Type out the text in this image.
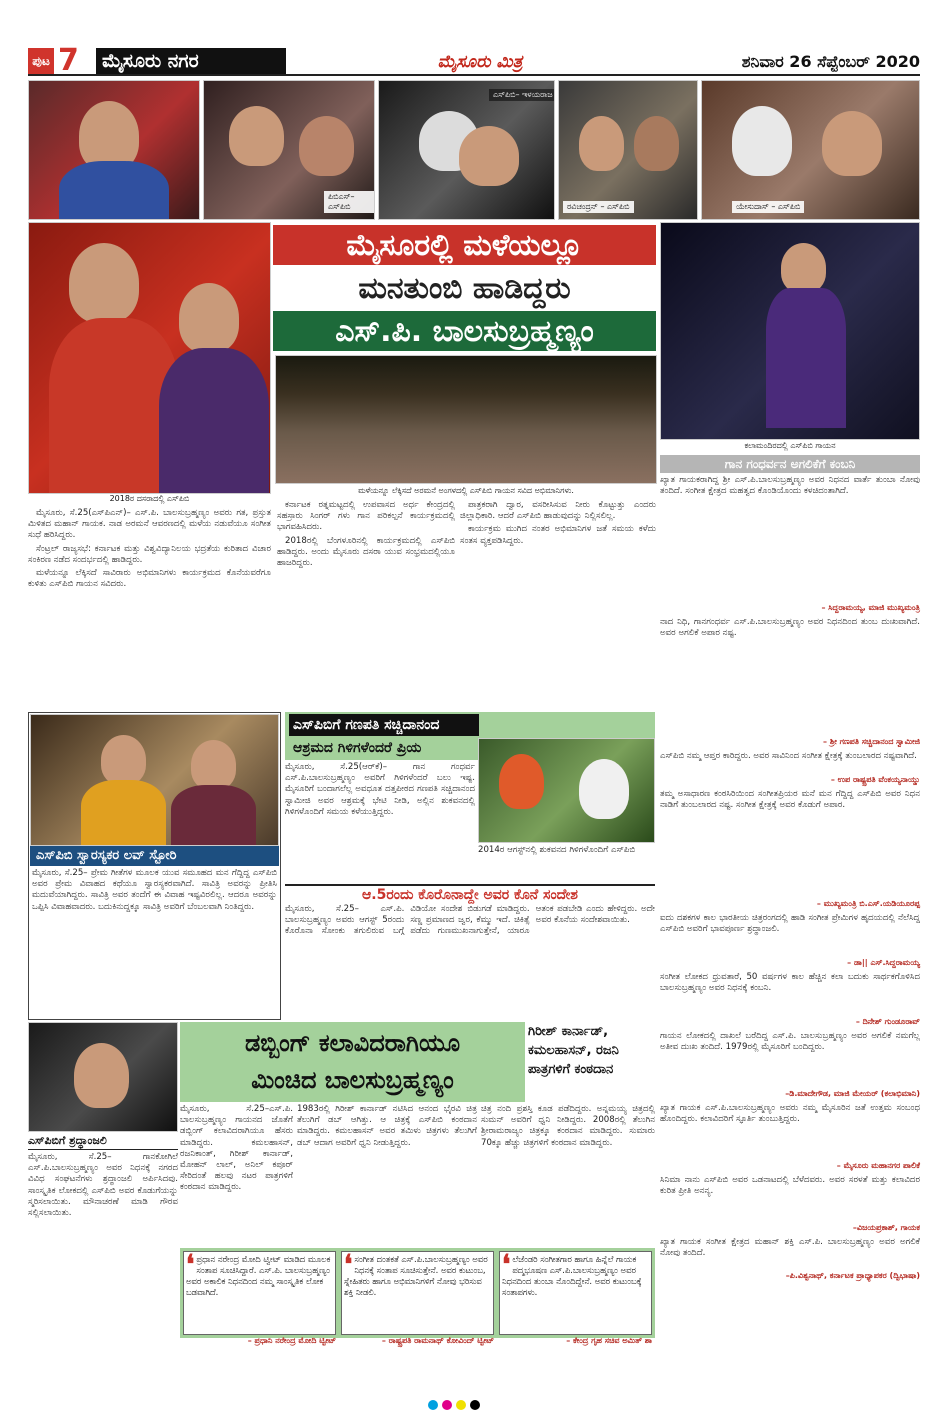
ಪುಟ 7	ಮೈಸೂರು ನಗರ	ಮೈಸೂರು ಮಿತ್ರ	ಶನಿವಾರ 26 ಸೆಪ್ಟೆಂಬರ್ 2020
ಪಿಬಿಎಸ್‌– ಎಸ್‌ಪಿಬಿ
ಎಸ್‌ಪಿಬಿ– ಇಳಯರಾಜ
ರವಿಚಂದ್ರನ್‌ – ಎಸ್‌ಪಿಬಿ	ಯೇಸುದಾಸ್‌ – ಎಸ್‌ಪಿಬಿ
2018ರ ದಸರಾದಲ್ಲಿ ಎಸ್‌ಪಿಬಿ
ಮೈಸೂರಲ್ಲಿ ಮಳೆಯಲ್ಲೂ
ಮನತುಂಬಿ ಹಾಡಿದ್ದರು
ಎಸ್‌.ಪಿ. ಬಾಲಸುಬ್ರಹ್ಮಣ್ಯಂ
ಮಳೆಯನ್ನೂ ಲೆಕ್ಕಿಸದೆ ಅರಮನೆ ಅಂಗಳದಲ್ಲಿ ಎಸ್‌ಪಿಬಿ ಗಾಯನ ಸವಿದ ಅಭಿಮಾನಿಗಳು.
ಕಲಾಮಂದಿರದಲ್ಲಿ ಎಸ್‌ಪಿಬಿ ಗಾಯನ
ಗಾನ ಗಂಧರ್ವನ ಅಗಲಿಕೆಗೆ ಕಂಬನಿ
ಖ್ಯಾತ ಗಾಯಕರಾಗಿದ್ದ ಶ್ರೀ ಎಸ್‌.ಪಿ.ಬಾಲಸುಬ್ರಹ್ಮಣ್ಯಂ ಅವರ ನಿಧನದ ವಾರ್ತೆ ತುಂಬಾ ನೋವು ತಂದಿದೆ. ಸಂಗೀತ ಕ್ಷೇತ್ರದ ಮಹತ್ವದ ಕೊಂಡಿಯೊಂದು ಕಳಚಿದಂತಾಗಿದೆ.
– ಸಿದ್ದರಾಮಯ್ಯ, ಮಾಜಿ ಮುಖ್ಯಮಂತ್ರಿ
ನಾದ ನಿಧಿ, ಗಾನಗಂಧರ್ವ ಎಸ್‌.ಪಿ.ಬಾಲಸುಬ್ರಹ್ಮಣ್ಯಂ ಅವರ ನಿಧನದಿಂದ ತುಂಬ ದುಃಖವಾಗಿದೆ. ಅವರ ಅಗಲಿಕೆ ಅಪಾರ ನಷ್ಟ.
– ಶ್ರೀ ಗಣಪತಿ ಸಚ್ಚಿದಾನಂದ ಸ್ವಾಮೀಜಿ
ಎಸ್‌ಪಿಬಿ ನಮ್ಮ ಆಪ್ತರ ಕಾರಿದ್ದರು. ಅವರ ಸಾವಿನಿಂದ ಸಂಗೀತ ಕ್ಷೇತ್ರಕ್ಕೆ ತುಂಬಲಾರದ ನಷ್ಟವಾಗಿದೆ.
– ಉಪ ರಾಷ್ಟ್ರಪತಿ ವೆಂಕಯ್ಯನಾಯ್ಡು
ತಮ್ಮ ಅಸಾಧಾರಣ ಕಂಠಸಿರಿಯಿಂದ ಸಂಗೀತಪ್ರಿಯರ ಮನೆ ಮನ ಗೆದ್ದಿದ್ದ ಎಸ್‌ಪಿಬಿ ಅವರ ನಿಧನ ನಾಡಿಗೆ ತುಂಬಲಾರದ ನಷ್ಟ. ಸಂಗೀತ ಕ್ಷೇತ್ರಕ್ಕೆ ಅವರ ಕೊಡುಗೆ ಅಪಾರ.
– ಮುಖ್ಯಮಂತ್ರಿ ಬಿ.ಎಸ್‌.ಯಡಿಯೂರಪ್ಪ
ಐದು ದಶಕಗಳ ಕಾಲ ಭಾರತೀಯ ಚಿತ್ರರಂಗದಲ್ಲಿ ಹಾಡಿ ಸಂಗೀತ ಪ್ರೇಮಿಗಳ ಹೃದಯದಲ್ಲಿ ನೆಲೆಸಿದ್ದ ಎಸ್‌ಪಿಬಿ ಅವರಿಗೆ ಭಾವಪೂರ್ಣ ಶ್ರದ್ಧಾಂಜಲಿ.
– ಡಾ|| ಎಸ್‌.ಸಿದ್ದರಾಮಯ್ಯ
ಸಂಗೀತ ಲೋಕದ ಧ್ರುವತಾರೆ, 50 ವರ್ಷಗಳ ಕಾಲ ಹೆಚ್ಚಿನ ಕಲಾ ಬದುಕು ಸಾರ್ಥಕಗೊಳಿಸಿದ ಬಾಲಸುಬ್ರಹ್ಮಣ್ಯಂ ಅವರ ನಿಧನಕ್ಕೆ ಕಂಬನಿ.
– ದಿನೇಶ್ ಗುಂಡೂರಾವ್
ಗಾಯನ ಲೋಕದಲ್ಲಿ ದಾಖಲೆ ಬರೆದಿದ್ದ ಎಸ್‌.ಪಿ. ಬಾಲಸುಬ್ರಹ್ಮಣ್ಯಂ ಅವರ ಅಗಲಿಕೆ ನಮಗೆಲ್ಲ ಅತೀವ ದುಃಖ ತಂದಿದೆ. 1979ರಲ್ಲಿ ಮೈಸೂರಿಗೆ ಬಂದಿದ್ದರು.
–ಡಿ.ಮಾದೇಗೌಡ, ಮಾಜಿ ಮೇಯರ್‌ (ಕಲಾಭಿಮಾನಿ)
ಖ್ಯಾತ ಗಾಯಕ ಎಸ್‌.ಪಿ.ಬಾಲಸುಬ್ರಹ್ಮಣ್ಯಂ ಅವರು ನಮ್ಮ ಮೈಸೂರಿನ ಜತೆ ಉತ್ತಮ ಸಂಬಂಧ ಹೊಂದಿದ್ದರು. ಕಲಾವಿದರಿಗೆ ಸ್ಫೂರ್ತಿ ತುಂಬುತ್ತಿದ್ದರು.
– ಮೈಸೂರು ಮಹಾನಗರ ಪಾಲಿಕೆ
ಸಿನಿಮಾ ನಾನು ಎಸ್‌ಪಿಬಿ ಅವರ ಒಡನಾಟದಲ್ಲಿ ಬೆಳೆದವರು. ಅವರ ಸರಳತೆ ಮತ್ತು ಕಲಾವಿದರ ಕುರಿತ ಪ್ರೀತಿ ಅನನ್ಯ.
–ವಿಜಯಪ್ರಕಾಶ್, ಗಾಯಕ
ಖ್ಯಾತ ಗಾಯಕ ಸಂಗೀತ ಕ್ಷೇತ್ರದ ಮಹಾನ್ ಶಕ್ತಿ ಎಸ್‌.ಪಿ. ಬಾಲಸುಬ್ರಹ್ಮಣ್ಯಂ ಅವರ ಅಗಲಿಕೆ ನೋವು ತಂದಿದೆ.
–ಪಿ.ವಿಶ್ವನಾಥ್‌, ಕರ್ನಾಟಕ ಪ್ರಾಧ್ಯಾಪಕರ (ದ್ವಿಭಾಷಾ)

ಮೈಸೂರು, ಸೆ.25(ಎಸ್‌ಪಿಎನ್‌)– ಎಸ್‌.ಪಿ. ಬಾಲಸುಬ್ರಹ್ಮಣ್ಯಂ ಅವರು ಗತ, ಪ್ರಸ್ತುತ ಮಿಳಿತದ ಮಹಾನ್ ಗಾಯಕ. ನಾಡ ಅರಮನೆ ಆವರಣದಲ್ಲಿ ಮಳೆಯ ನಡುವೆಯೂ ಸಂಗೀತ ಸುಧೆ ಹರಿಸಿದ್ದರು.

ಸೆಂಟ್ರಲ್‌ ರಾಜ್ಯಸಭೆ: ಕರ್ನಾಟಕ ಮತ್ತು ವಿಶ್ವವಿದ್ಯಾನಿಲಯ ಭದ್ರತೆಯ ಕುರಿತಾದ ವಿಚಾರ ಸಂಕಿರಣ ನಡೆದ ಸಂದರ್ಭದಲ್ಲಿ ಹಾಡಿದ್ದರು.

ಮಳೆಯನ್ನೂ ಲೆಕ್ಕಿಸದೆ ಸಾವಿರಾರು ಅಭಿಮಾನಿಗಳು ಕಾರ್ಯಕ್ರಮದ ಕೊನೆಯವರೆಗೂ ಕುಳಿತು ಎಸ್‌ಪಿಬಿ ಗಾಯನ ಸವಿದರು.

ಕರ್ನಾಟಕ ರತ್ನಮಟ್ಟದಲ್ಲಿ ಉಪವಾಸದ ಅರ್ಧ ಕೇಂದ್ರದಲ್ಲಿ ಸಹಸ್ರಾರು ಸಿಂಗರ್ ಗಳು ಗಾನ ಪರಿಕಲ್ಪನೆ ಕಾರ್ಯಕ್ರಮದಲ್ಲಿ ಭಾಗವಹಿಸಿದರು.

2018ರಲ್ಲಿ ಬೆಂಗಳೂರಿನಲ್ಲಿ ಕಾರ್ಯಕ್ರಮದಲ್ಲಿ ಎಸ್‌ಪಿಬಿ ಹಾಡಿದ್ದರು. ಅಂದು ಮೈಸೂರು ದಸರಾ ಯುವ ಸಂಭ್ರಮದಲ್ಲಿಯೂ ಹಾಜರಿದ್ದರು.

ಪಾತ್ರಕರಾಗಿ ದ್ವಾರ, ವಸರೀಸಿಸುವ ನೀರು ಕೊಟ್ಟುತ್ತು ಎಂದರು ಜಿಲ್ಲಾಧಿಕಾರಿ. ಆದರೆ ಎಸ್‌ಪಿಬಿ ಹಾಡುವುದನ್ನು ನಿಲ್ಲಿಸಲಿಲ್ಲ.

ಕಾರ್ಯಕ್ರಮ ಮುಗಿದ ನಂತರ ಅಭಿಮಾನಿಗಳ ಜತೆ ಸಮಯ ಕಳೆದು ಸಂತಸ ವ್ಯಕ್ತಪಡಿಸಿದ್ದರು.

ಎಸ್‌ಪಿಬಿ ಸ್ವಾರಸ್ಯಕರ ಲವ್‌ ಸ್ಟೋರಿ
ಮೈಸೂರು, ಸೆ.25– ಪ್ರೇಮ ಗೀತೆಗಳ ಮೂಲಕ ಯುವ ಸಮೂಹದ ಮನ ಗೆದ್ದಿದ್ದ ಎಸ್‌ಪಿಬಿ ಅವರ ಪ್ರೇಮ ವಿವಾಹದ ಕಥೆಯೂ ಸ್ವಾರಸ್ಯಕರವಾಗಿದೆ. ಸಾವಿತ್ರಿ ಅವರನ್ನು ಪ್ರೀತಿಸಿ ಮದುವೆಯಾಗಿದ್ದರು. ಸಾವಿತ್ರಿ ಅವರ ತಂದೆಗೆ ಈ ವಿವಾಹ ಇಷ್ಟವಿರಲಿಲ್ಲ. ಆದರೂ ಅವರನ್ನು ಒಪ್ಪಿಸಿ ವಿವಾಹವಾದರು. ಬದುಕಿನುದ್ದಕ್ಕೂ ಸಾವಿತ್ರಿ ಅವರಿಗೆ ಬೆಂಬಲವಾಗಿ ನಿಂತಿದ್ದರು.
ಎಸ್‌ಪಿಬಿಗೆ ಗಣಪತಿ ಸಚ್ಚಿದಾನಂದ
ಆಶ್ರಮದ ಗಿಳಿಗಳೆಂದರೆ ಪ್ರಿಯ
ಮೈಸೂರು, ಸೆ.25(ಆರ್‌ಕೆ)– ಗಾನ ಗಂಧರ್ವ ಎಸ್‌.ಪಿ.ಬಾಲಸುಬ್ರಹ್ಮಣ್ಯಂ ಅವರಿಗೆ ಗಿಳಿಗಳೆಂದರೆ ಬಲು ಇಷ್ಟ. ಮೈಸೂರಿಗೆ ಬಂದಾಗಲೆಲ್ಲ ಅವಧೂತ ದತ್ತಪೀಠದ ಗಣಪತಿ ಸಚ್ಚಿದಾನಂದ ಸ್ವಾಮೀಜಿ ಅವರ ಆಶ್ರಮಕ್ಕೆ ಭೇಟಿ ನೀಡಿ, ಅಲ್ಲಿನ ಶುಕವನದಲ್ಲಿ ಗಿಳಿಗಳೊಂದಿಗೆ ಸಮಯ ಕಳೆಯುತ್ತಿದ್ದರು.
2014ರ ಆಗಸ್ಟ್‌ನಲ್ಲಿ ಶುಕವನದ ಗಿಳಿಗಳೊಂದಿಗೆ ಎಸ್‌ಪಿಬಿ
ಆ.5ರಂದು ಕೊರೊನಾದ್ದೇ ಅವರ ಕೊನೆ ಸಂದೇಶ
ಮೈಸೂರು, ಸೆ.25– ಎಸ್‌.ಪಿ. ಬಾಲಸುಬ್ರಹ್ಮಣ್ಯಂ ಅವರು ಆಗಸ್ಟ್ 5ರಂದು ಕೊರೊನಾ ಸೋಂಕು ತಗುಲಿರುವ ಬಗ್ಗೆ ವಿಡಿಯೋ ಸಂದೇಶ ಬಿಡುಗಡೆ ಮಾಡಿದ್ದರು. ಸಣ್ಣ ಪ್ರಮಾಣದ ಜ್ವರ, ಕೆಮ್ಮು ಇದೆ. ಚಿಕಿತ್ಸೆ ಪಡೆದು ಗುಣಮುಖನಾಗುತ್ತೇನೆ, ಯಾರೂ ಆತಂಕ ಪಡಬೇಡಿ ಎಂದು ಹೇಳಿದ್ದರು. ಅದೇ ಅವರ ಕೊನೆಯ ಸಂದೇಶವಾಯಿತು.
ಡಬ್ಬಿಂಗ್‌ ಕಲಾವಿದರಾಗಿಯೂ
ಮಿಂಚಿದ ಬಾಲಸುಬ್ರಹ್ಮಣ್ಯಂ
ಗಿರೀಶ್‌ ಕಾರ್ನಾಡ್‌, ಕಮಲಹಾಸನ್‌, ರಜನಿ ಪಾತ್ರಗಳಿಗೆ ಕಂಠದಾನ
ಮೈಸೂರು, ಸೆ.25–ಎಸ್‌.ಪಿ. ಬಾಲಸುಬ್ರಹ್ಮಣ್ಯಂ ಗಾಯನದ ಜೊತೆಗೆ ಡಬ್ಬಿಂಗ್ ಕಲಾವಿದರಾಗಿಯೂ ಹೆಸರು ಮಾಡಿದ್ದರು. ಕಮಲಹಾಸನ್, ರಜನಿಕಾಂತ್, ಗಿರೀಶ್ ಕಾರ್ನಾಡ್, ಮೋಹನ್ ಲಾಲ್, ಅನಿಲ್ ಕಪೂರ್ ಸೇರಿದಂತೆ ಹಲವು ನಟರ ಪಾತ್ರಗಳಿಗೆ ಕಂಠದಾನ ಮಾಡಿದ್ದರು.
1983ರಲ್ಲಿ ಗಿರೀಶ್ ಕಾರ್ನಾಡ್ ನಟಿಸಿದ ಆನಂದ ಭೈರವಿ ಚಿತ್ರ ತೆಲುಗಿಗೆ ಡಬ್ ಆಗಿತ್ತು. ಆ ಚಿತ್ರಕ್ಕೆ ಎಸ್‌ಪಿಬಿ ಕಂಠದಾನ ಮಾಡಿದ್ದರು. ಕಮಲಹಾಸನ್ ಅವರ ತಮಿಳು ಚಿತ್ರಗಳು ತೆಲುಗಿಗೆ ಡಬ್ ಆದಾಗ ಅವರಿಗೆ ಧ್ವನಿ ನೀಡುತ್ತಿದ್ದರು.
ಚಿತ್ರ ನಂದಿ ಪ್ರಶಸ್ತಿ ಕೂಡ ಪಡೆದಿದ್ದರು. ಅನ್ನಮಯ್ಯ ಚಿತ್ರದಲ್ಲಿ ಸುಮನ್ ಅವರಿಗೆ ಧ್ವನಿ ನೀಡಿದ್ದರು. 2008ರಲ್ಲಿ ತೆಲುಗಿನ ಶ್ರೀರಾಮರಾಜ್ಯಂ ಚಿತ್ರಕ್ಕೂ ಕಂಠದಾನ ಮಾಡಿದ್ದರು. ಸುಮಾರು 70ಕ್ಕೂ ಹೆಚ್ಚು ಚಿತ್ರಗಳಿಗೆ ಕಂಠದಾನ ಮಾಡಿದ್ದರು.
ಎಸ್‌ಪಿಬಿಗೆ ಶ್ರದ್ಧಾಂಜಲಿ
ಮೈಸೂರು, ಸೆ.25– ಗಾನಕೋಗಿಲೆ ಎಸ್‌.ಪಿ.ಬಾಲಸುಬ್ರಹ್ಮಣ್ಯಂ ಅವರ ನಿಧನಕ್ಕೆ ನಗರದ ವಿವಿಧ ಸಂಘಟನೆಗಳು ಶ್ರದ್ಧಾಂಜಲಿ ಅರ್ಪಿಸಿದವು. ಸಾಂಸ್ಕೃತಿಕ ಲೋಕದಲ್ಲಿ ಎಸ್‌ಪಿಬಿ ಅವರ ಕೊಡುಗೆಯನ್ನು ಸ್ಮರಿಸಲಾಯಿತು. ಮೌನಾಚರಣೆ ಮಾಡಿ ಗೌರವ ಸಲ್ಲಿಸಲಾಯಿತು.
❛ ಪ್ರಧಾನ ನರೇಂದ್ರ ಮೋದಿ ಟ್ವೀಟ್ ಮಾಡಿದ ಮೂಲಕ ಸಂತಾಪ ಸೂಚಿಸಿದ್ದಾರೆ. ಎಸ್‌.ಪಿ. ಬಾಲಸುಬ್ರಹ್ಮಣ್ಯಂ ಅವರ ಅಕಾಲಿಕ ನಿಧನದಿಂದ ನಮ್ಮ ಸಾಂಸ್ಕೃತಿಕ ಲೋಕ ಬಡವಾಗಿದೆ.
– ಪ್ರಧಾನಿ ನರೇಂದ್ರ ಮೋದಿ ಟ್ವೀಟ್
❛ ಸಂಗೀತ ದಂತಕತೆ ಎಸ್‌.ಪಿ.ಬಾಲಸುಬ್ರಹ್ಮಣ್ಯಂ ಅವರ ನಿಧನಕ್ಕೆ ಸಂತಾಪ ಸೂಚಿಸುತ್ತೇನೆ. ಅವರ ಕುಟುಂಬ, ಸ್ನೇಹಿತರು ಹಾಗೂ ಅಭಿಮಾನಿಗಳಿಗೆ ನೋವು ಭರಿಸುವ ಶಕ್ತಿ ನೀಡಲಿ.
– ರಾಷ್ಟ್ರಪತಿ ರಾಮನಾಥ್ ಕೋವಿಂದ್ ಟ್ವೀಟ್
❛ ಲೆಜೆಂಡರಿ ಸಂಗೀತಗಾರ ಹಾಗೂ ಹಿನ್ನೆಲೆ ಗಾಯಕ ಪದ್ಮಭೂಷಣ ಎಸ್‌.ಪಿ.ಬಾಲಸುಬ್ರಹ್ಮಣ್ಯಂ ಅವರ ನಿಧನದಿಂದ ತುಂಬಾ ನೊಂದಿದ್ದೇನೆ. ಅವರ ಕುಟುಂಬಕ್ಕೆ ಸಂತಾಪಗಳು.
– ಕೇಂದ್ರ ಗೃಹ ಸಚಿವ ಅಮಿತ್ ಶಾ
